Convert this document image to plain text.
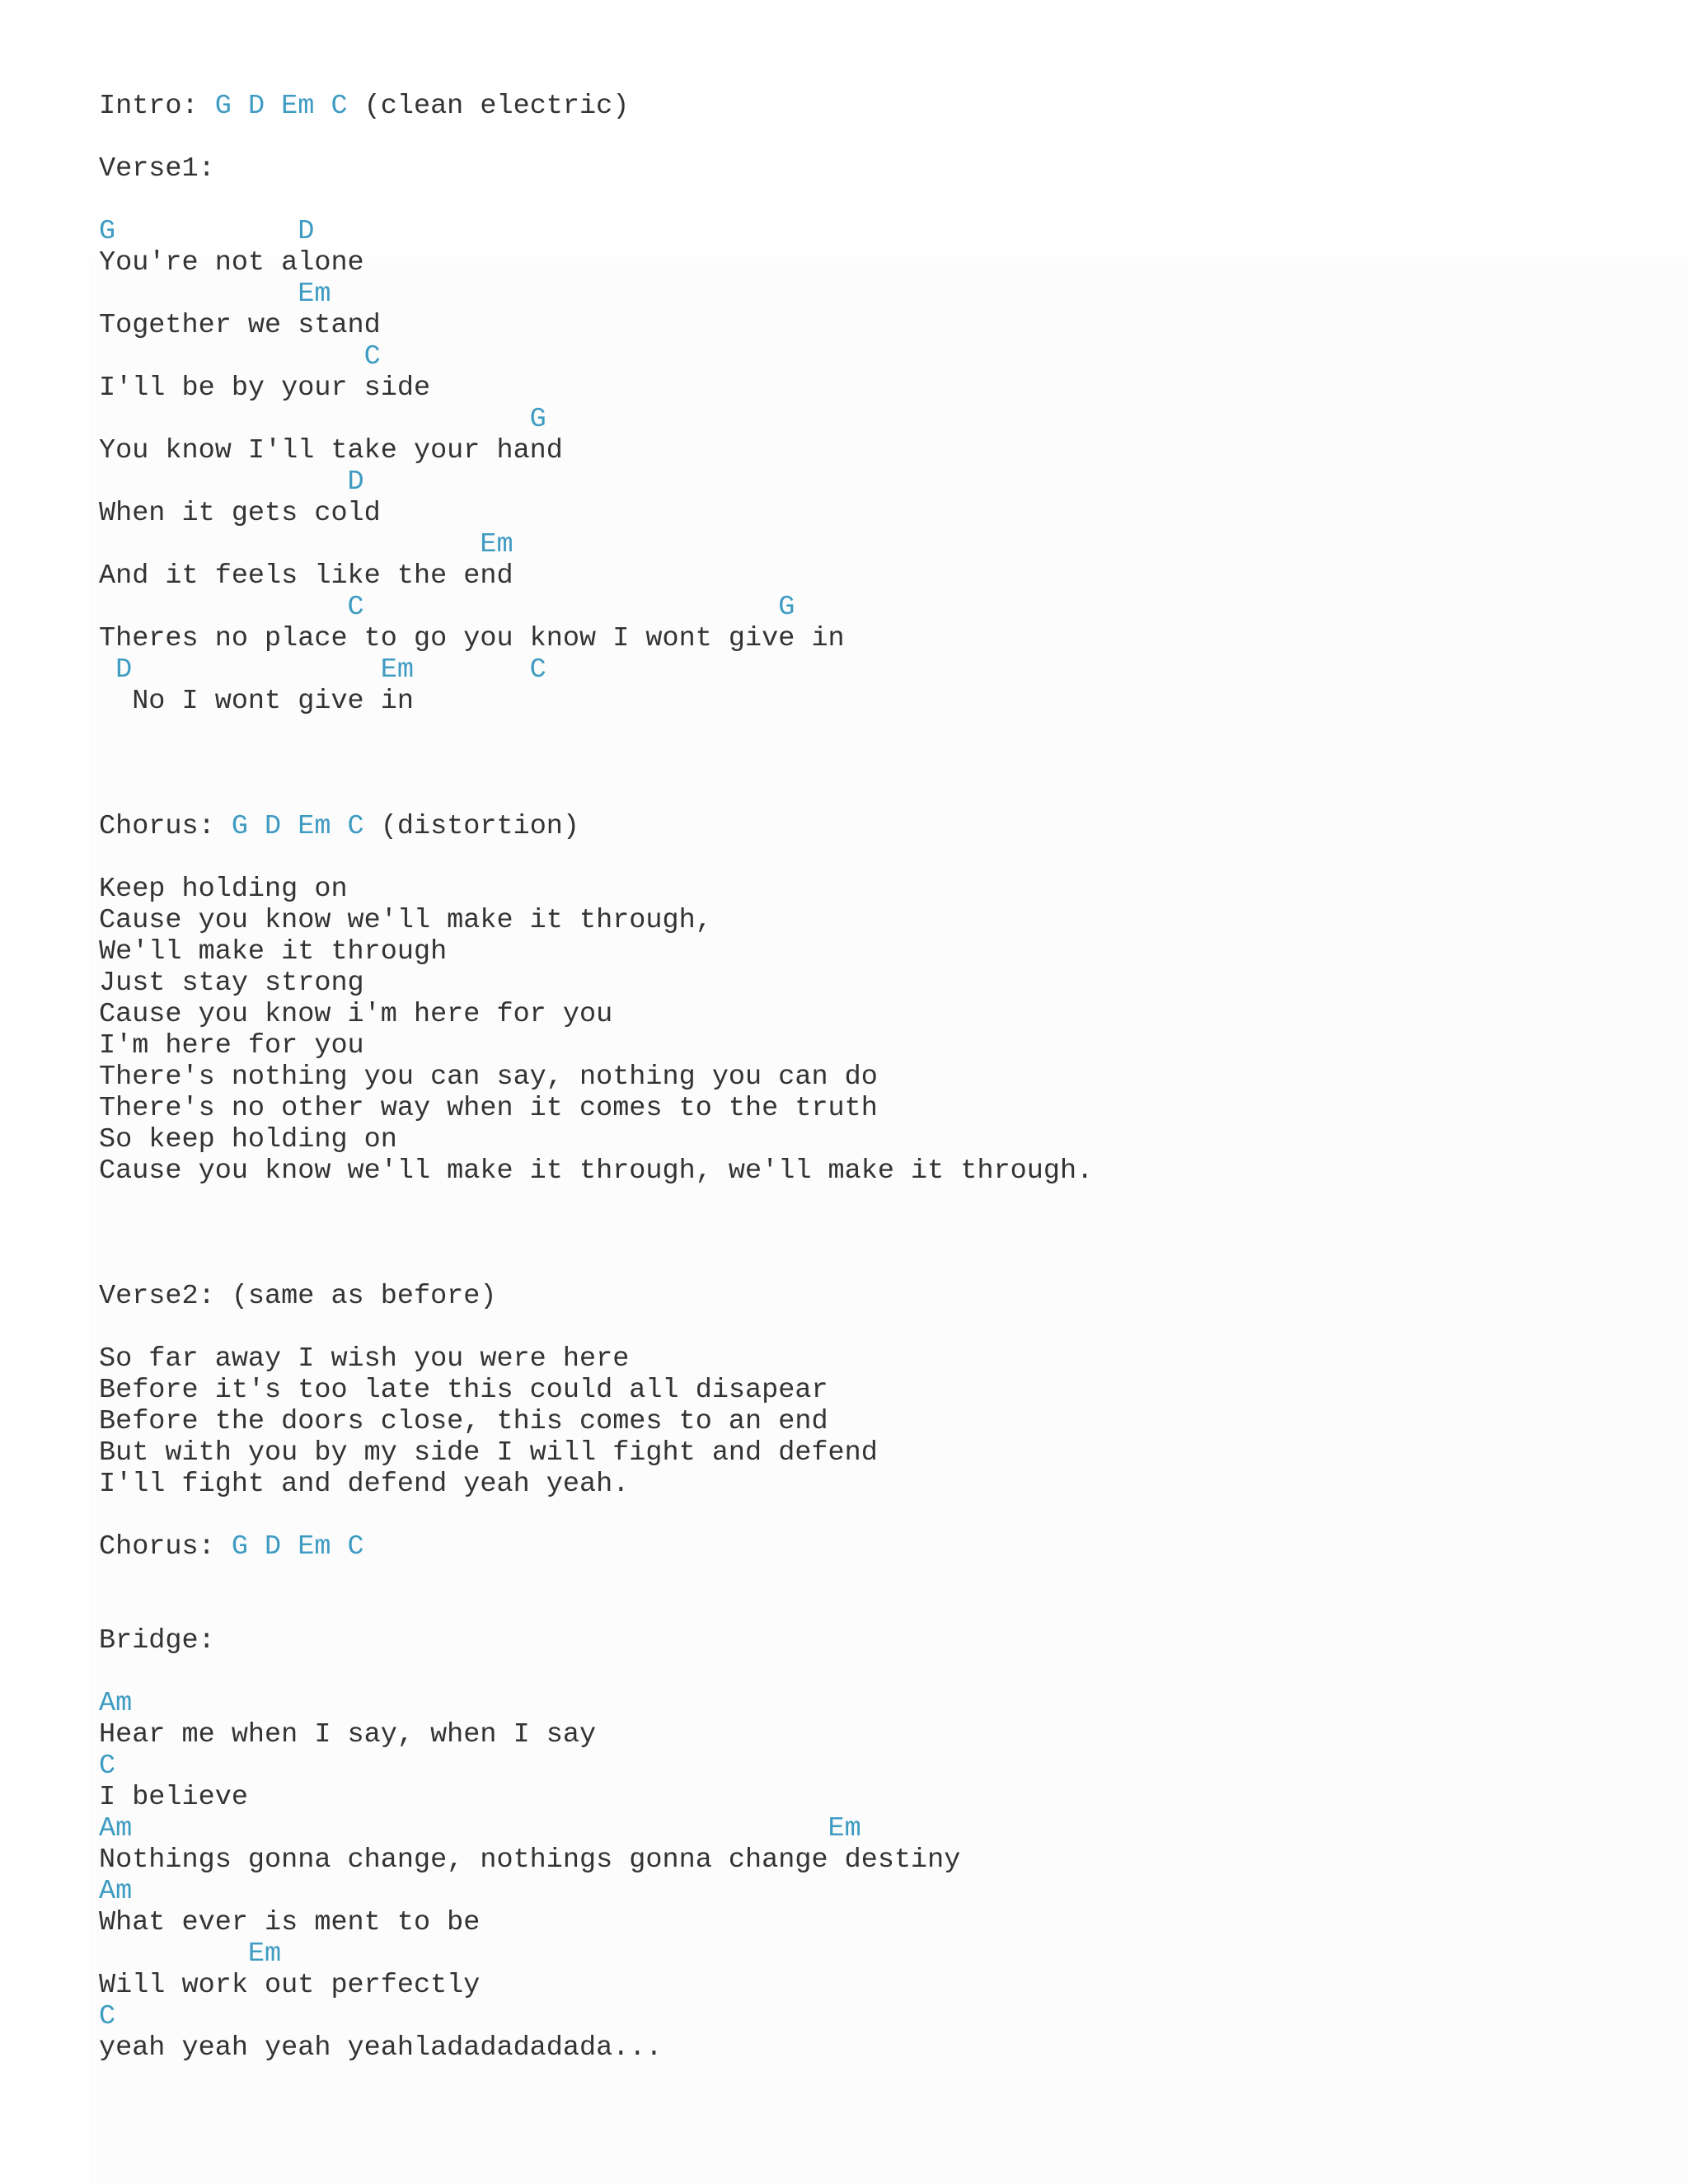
Intro: G D Em C (clean electric)
Verse1:
G           D
You're not alone
Em
Together we stand
C
I'll be by your side
G
You know I'll take your hand
D
When it gets cold
Em
And it feels like the end
C                         G
Theres no place to go you know I wont give in
D               Em       C
No I wont give in
Chorus: G D Em C (distortion)
Keep holding on
Cause you know we'll make it through,
We'll make it through
Just stay strong
Cause you know i'm here for you
I'm here for you
There's nothing you can say, nothing you can do
There's no other way when it comes to the truth
So keep holding on
Cause you know we'll make it through, we'll make it through.
Verse2: (same as before)
So far away I wish you were here
Before it's too late this could all disapear
Before the doors close, this comes to an end
But with you by my side I will fight and defend
I'll fight and defend yeah yeah.
Chorus: G D Em C
Bridge:
Am
Hear me when I say, when I say
C
I believe
Am                                          Em
Nothings gonna change, nothings gonna change destiny
Am
What ever is ment to be
Em
Will work out perfectly
C
yeah yeah yeah yeahladadadadada...
